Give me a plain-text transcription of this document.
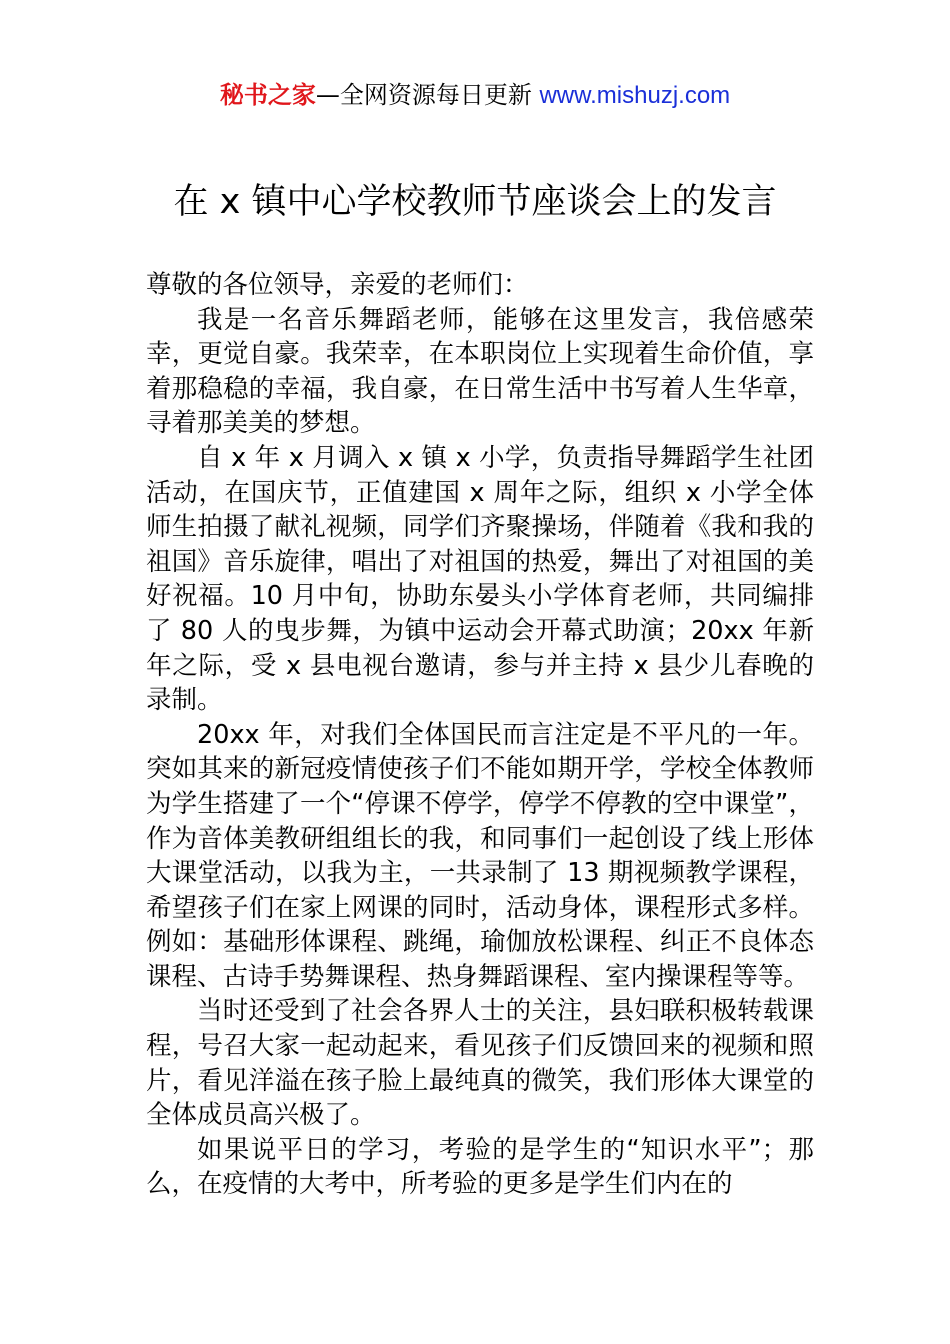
秘书之家—全网资源每日更新 www.mishuzj.com
在 x 镇中心学校教师节座谈会上的发言

尊敬的各位领导，亲爱的老师们：

我是一名音乐舞蹈老师，能够在这里发言，我倍感荣幸，更觉自豪。我荣幸，在本职岗位上实现着生命价值，享着那稳稳的幸福，我自豪，在日常生活中书写着人生华章，寻着那美美的梦想。

自 x 年 x 月调入 x 镇 x 小学，负责指导舞蹈学生社团活动，在国庆节，正值建国 x 周年之际，组织 x 小学全体师生拍摄了献礼视频，同学们齐聚操场，伴随着《我和我的祖国》音乐旋律，唱出了对祖国的热爱，舞出了对祖国的美好祝福。10 月中旬，协助东晏头小学体育老师，共同编排了 80 人的曳步舞，为镇中运动会开幕式助演；20xx 年新年之际，受 x 县电视台邀请，参与并主持 x 县少儿春晚的录制。

20xx 年，对我们全体国民而言注定是不平凡的一年。突如其来的新冠疫情使孩子们不能如期开学，学校全体教师为学生搭建了一个“停课不停学，停学不停教的空中课堂”，作为音体美教研组组长的我，和同事们一起创设了线上形体大课堂活动，以我为主，一共录制了 13 期视频教学课程，希望孩子们在家上网课的同时，活动身体，课程形式多样。例如：基础形体课程、跳绳，瑜伽放松课程、纠正不良体态课程、古诗手势舞课程、热身舞蹈课程、室内操课程等等。

当时还受到了社会各界人士的关注，县妇联积极转载课程，号召大家一起动起来，看见孩子们反馈回来的视频和照片，看见洋溢在孩子脸上最纯真的微笑，我们形体大课堂的全体成员高兴极了。

如果说平日的学习，考验的是学生的“知识水平”；那么，在疫情的大考中，所考验的更多是学生们内在的
